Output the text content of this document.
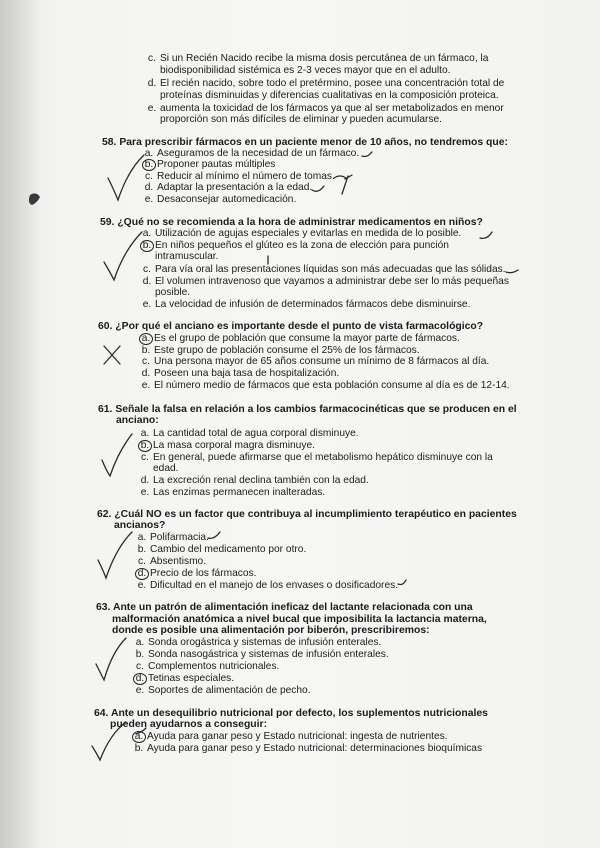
c. Si un Recién Nacido recibe la misma dosis percutánea de un fármaco, la
biodisponibilidad sistémica es 2-3 veces mayor que en el adulto.
d. El recién nacido, sobre todo el pretérmino, posee una concentración total de
proteínas disminuidas y diferencias cualitativas en la composición proteica.
e. aumenta la toxicidad de los fármacos ya que al ser metabolizados en menor
proporción son más difíciles de eliminar y pueden acumularse.
58. Para prescribir fármacos en un paciente menor de 10 años, no tendremos que:
a. Aseguramos de la necesidad de un fármaco.
b. Proponer pautas múltiples
c. Reducir al mínimo el número de tomas.
d. Adaptar la presentación a la edad.
e. Desaconsejar automedicación.
59. ¿Qué no se recomienda a la hora de administrar medicamentos en niños?
a. Utilización de agujas especiales y evitarlas en medida de lo posible.
b. En niños pequeños el glúteo es la zona de elección para punción
intramuscular.
c. Para vía oral las presentaciones líquidas son más adecuadas que las sólidas.
d. El volumen intravenoso que vayamos a administrar debe ser lo más pequeñas
posible.
e. La velocidad de infusión de determinados fármacos debe disminuirse.
60. ¿Por qué el anciano es importante desde el punto de vista farmacológico?
a. Es el grupo de población que consume la mayor parte de fármacos.
b. Este grupo de población consume el 25% de los fármacos.
c. Una persona mayor de 65 años consume un mínimo de 8 fármacos al día.
d. Poseen una baja tasa de hospitalización.
e. El número medio de fármacos que esta población consume al día es de 12-14.
61. Señale la falsa en relación a los cambios farmacocinéticas que se producen en el
anciano:
a. La cantidad total de agua corporal disminuye.
b. La masa corporal magra disminuye.
c. En general, puede afirmarse que el metabolismo hepático disminuye con la
edad.
d. La excreción renal declina también con la edad.
e. Las enzimas permanecen inalteradas.
62. ¿Cuál NO es un factor que contribuya al incumplimiento terapéutico en pacientes
ancianos?
a. Polifarmacia.
b. Cambio del medicamento por otro.
c. Absentismo.
d. Precio de los fármacos.
e. Dificultad en el manejo de los envases o dosificadores.
63. Ante un patrón de alimentación ineficaz del lactante relacionada con una
malformación anatómica a nivel bucal que imposibilita la lactancia materna,
donde es posible una alimentación por biberón, prescribiremos:
a. Sonda orogástrica y sistemas de infusión enterales.
b. Sonda nasogástrica y sistemas de infusión enterales.
c. Complementos nutricionales.
d. Tetinas especiales.
e. Soportes de alimentación de pecho.
64. Ante un desequilibrio nutricional por defecto, los suplementos nutricionales
pueden ayudarnos a conseguir:
a. Ayuda para ganar peso y Estado nutricional: ingesta de nutrientes.
b. Ayuda para ganar peso y Estado nutricional: determinaciones bioquímicas
